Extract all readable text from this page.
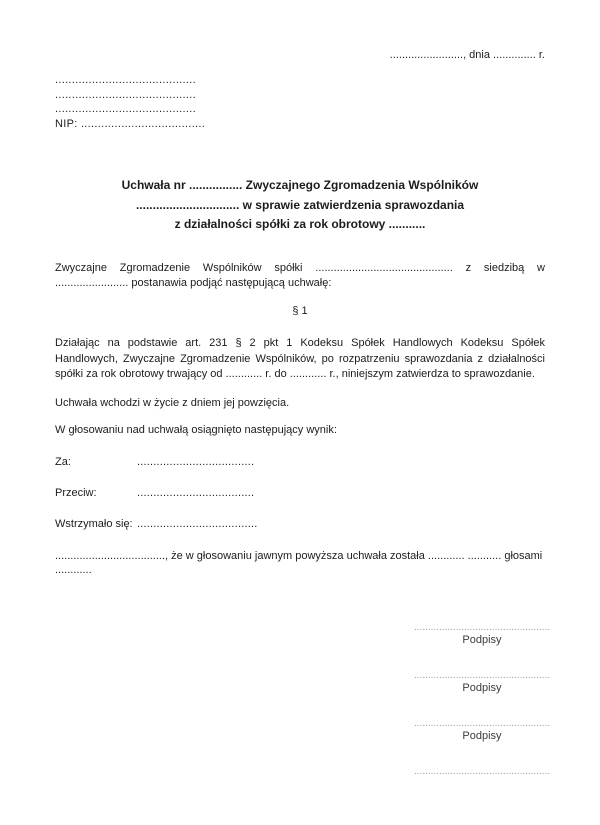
........................, dnia .............. r.
..........................................
..........................................
..........................................
NIP: .....................................
Uchwała nr ................ Zwyczajnego Zgromadzenia Wspólników
............................... w sprawie zatwierdzenia sprawozdania
z działalności spółki za rok obrotowy ...........
Zwyczajne Zgromadzenie Wspólników spółki ............................................. z siedzibą w ........................ postanawia podjąć następującą uchwałę:
§ 1
Działając na podstawie art. 231 § 2 pkt 1 Kodeksu Spółek Handlowych Kodeksu Spółek Handlowych, Zwyczajne Zgromadzenie Wspólników, po rozpatrzeniu sprawozdania z działalności spółki za rok obrotowy trwający od ............ r. do ............ r., niniejszym zatwierdza to sprawozdanie.
Uchwała wchodzi w życie z dniem jej powzięcia.
W głosowaniu nad uchwałą osiągnięto następujący wynik:
Za:	....................................
Przeciw:	....................................
Wstrzymało się: .....................................
...................................., że w głosowaniu jawnym powyższa uchwała została ............ ........... głosami ............
.................................................
Podpisy
.................................................
Podpisy
.................................................
Podpisy
.................................................
